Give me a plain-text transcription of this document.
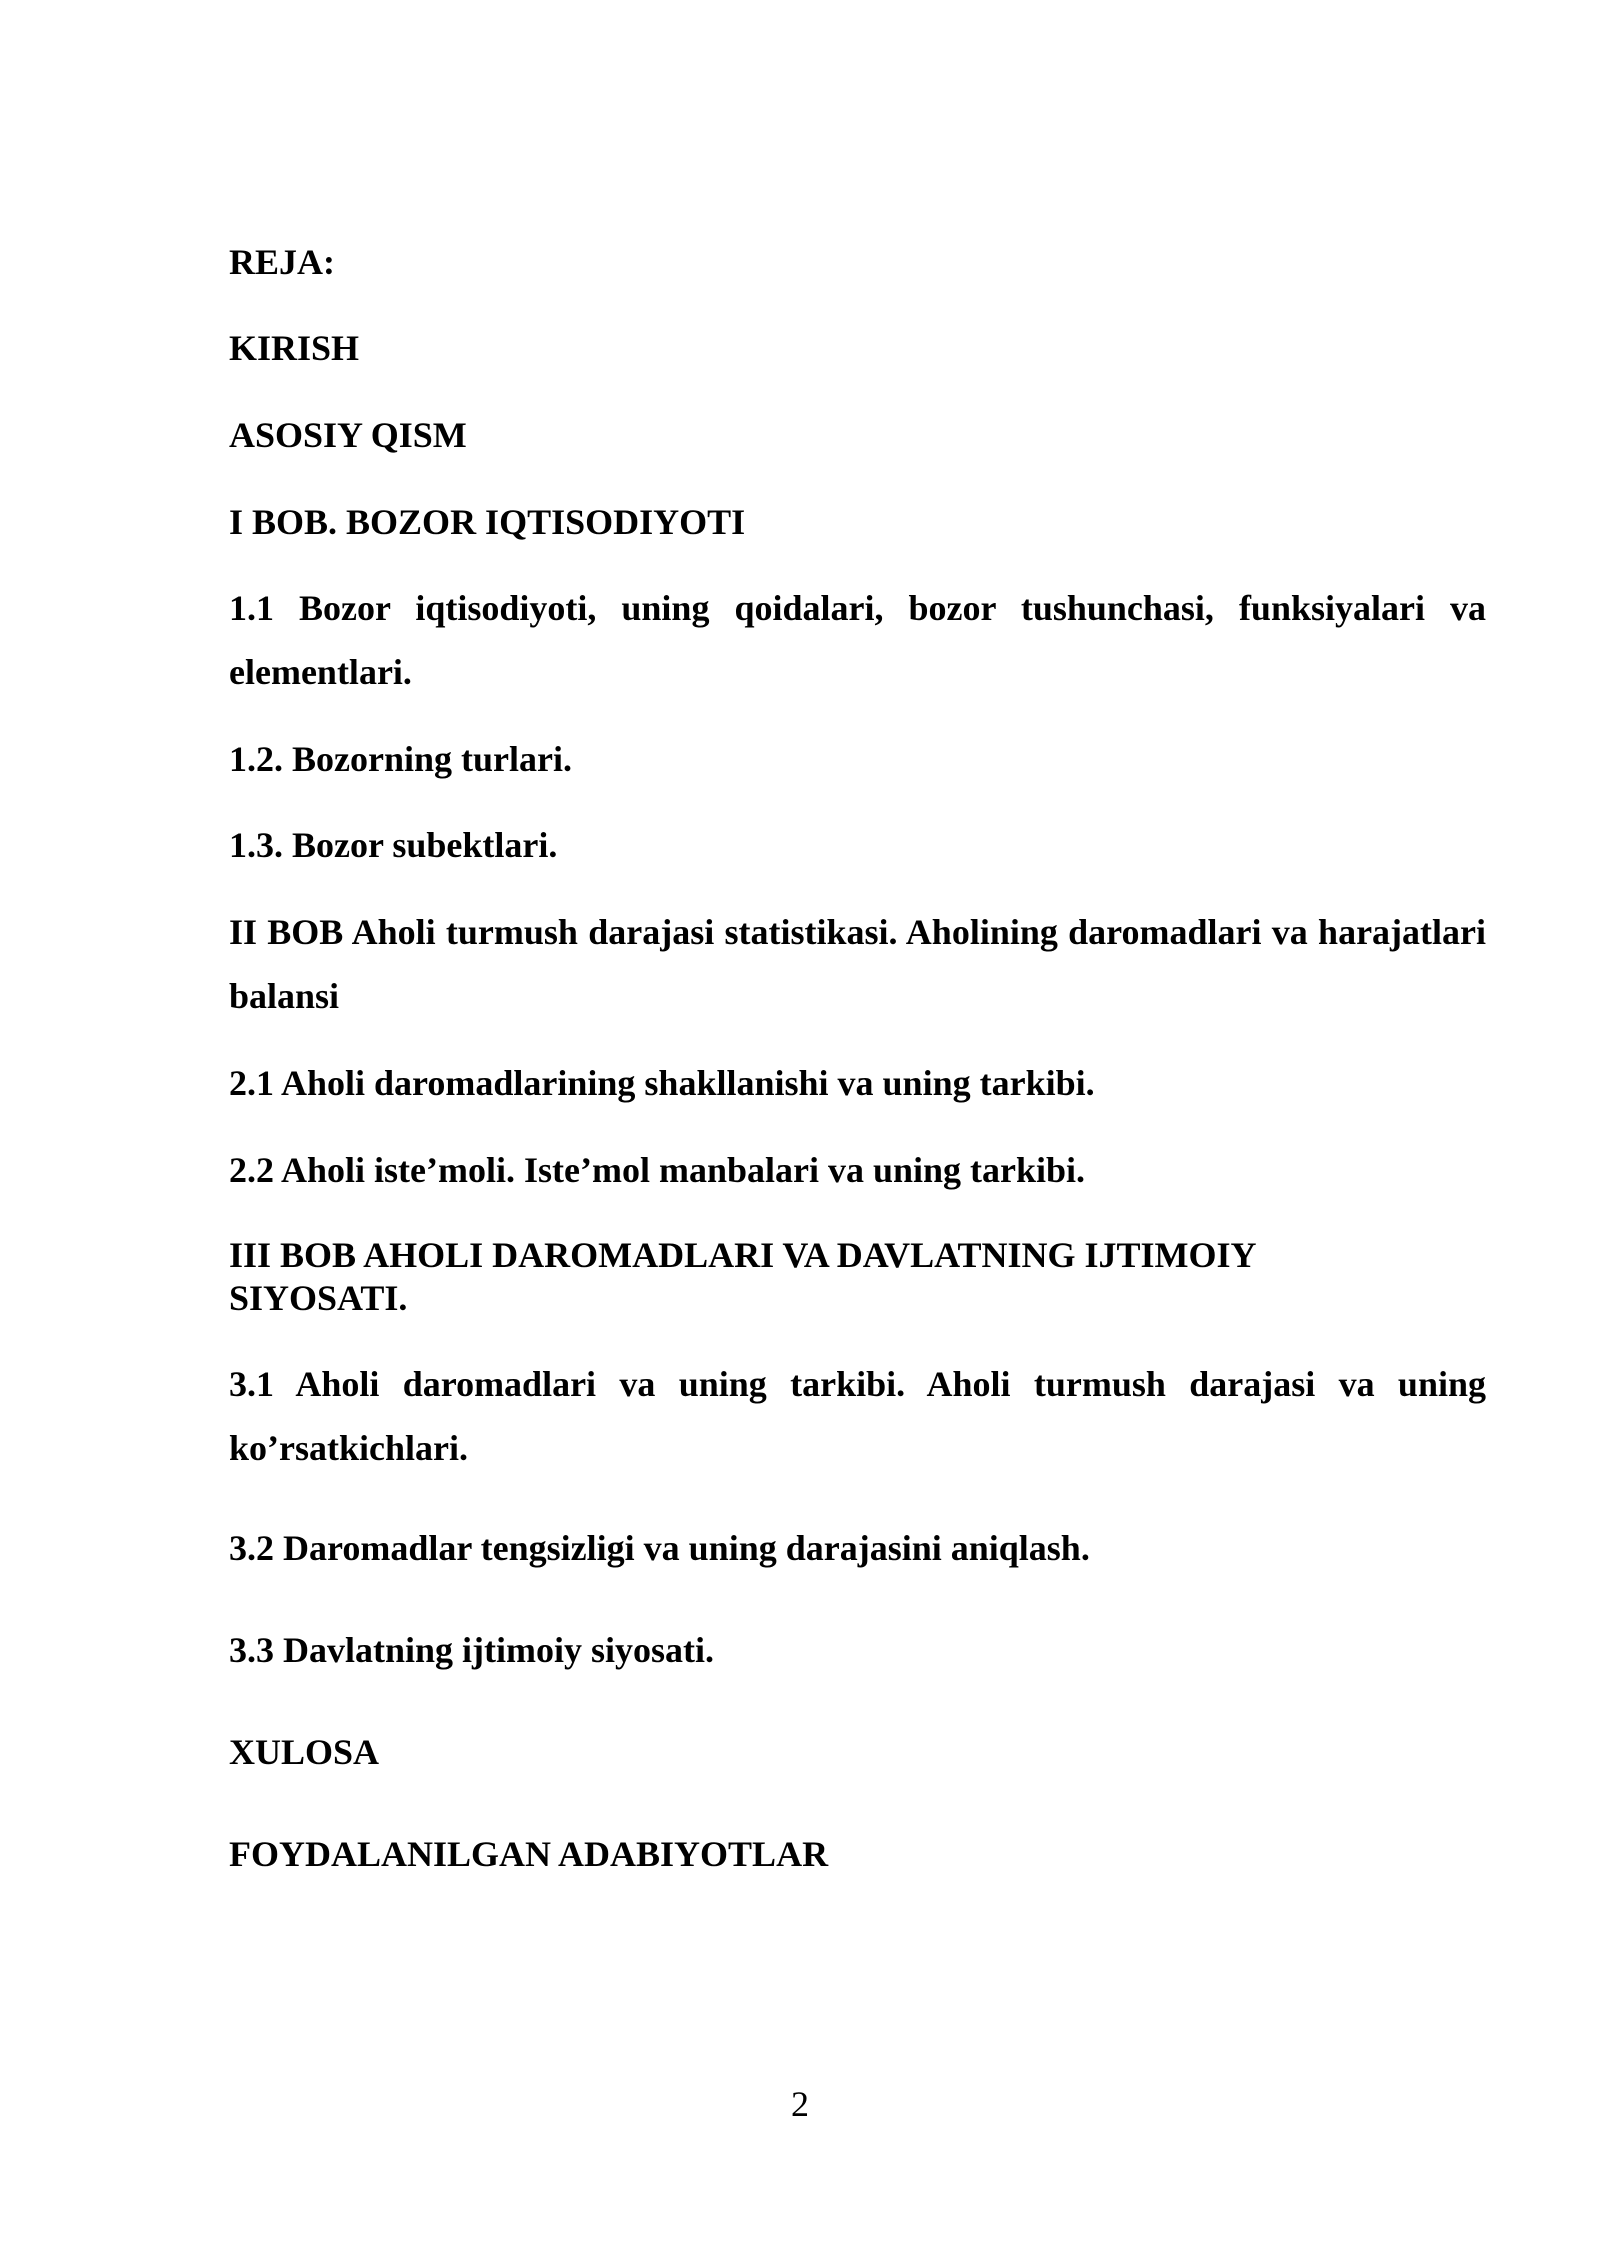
REJA:

KIRISH

ASOSIY QISM

I BOB. BOZOR IQTISODIYOTI

1.1 Bozor iqtisodiyoti, uning qoidalari, bozor tushunchasi, funksiyalari va elementlari.

1.2. Bozorning turlari.

1.3. Bozor subektlari.

II BOB Aholi turmush darajasi statistikasi. Aholining daromadlari va harajatlari balansi

2.1 Aholi daromadlarining shakllanishi va uning tarkibi.

2.2 Aholi iste’moli. Iste’mol manbalari va uning tarkibi.

III BOB AHOLI DAROMADLARI VA DAVLATNING IJTIMOIY SIYOSATI.

3.1 Aholi daromadlari va uning tarkibi. Aholi turmush darajasi va uning ko’rsatkichlari.

3.2 Daromadlar tengsizligi va uning darajasini aniqlash.

3.3 Davlatning ijtimoiy siyosati.

XULOSA

FOYDALANILGAN ADABIYOTLAR

2
